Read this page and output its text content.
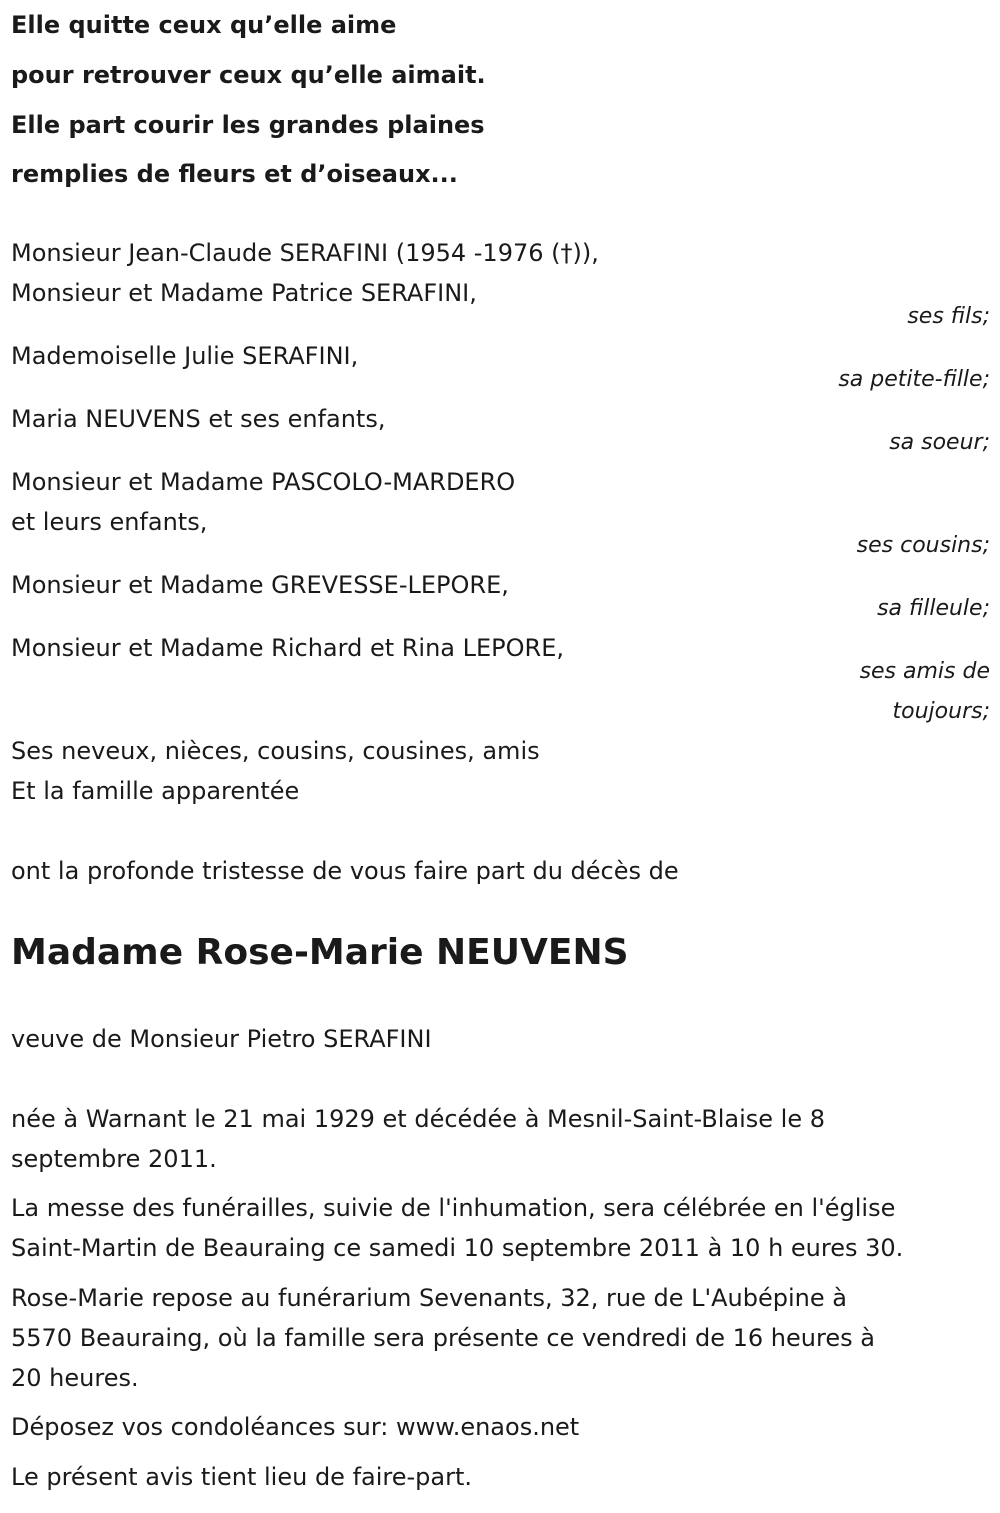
Elle quitte ceux qu’elle aime
pour retrouver ceux qu’elle aimait.
Elle part courir les grandes plaines
remplies de fleurs et d’oiseaux...
Monsieur Jean-Claude SERAFINI (1954 -1976 (†)),
Monsieur et Madame Patrice SERAFINI,
ses fils;
Mademoiselle Julie SERAFINI,
sa petite-fille;
Maria NEUVENS et ses enfants,
sa soeur;
Monsieur et Madame PASCOLO-MARDERO
et leurs enfants,
ses cousins;
Monsieur et Madame GREVESSE-LEPORE,
sa filleule;
Monsieur et Madame Richard et Rina LEPORE,
ses amis de
toujours;
Ses neveux, nièces, cousins, cousines, amis
Et la famille apparentée
ont la profonde tristesse de vous faire part du décès de
Madame Rose-Marie NEUVENS
veuve de Monsieur Pietro SERAFINI
née à Warnant le 21 mai 1929 et décédée à Mesnil-Saint-Blaise le 8
septembre 2011.
La messe des funérailles, suivie de l'inhumation, sera célébrée en l'église
Saint-Martin de Beauraing ce samedi 10 septembre 2011 à 10 h eures 30.
Rose-Marie repose au funérarium Sevenants, 32, rue de L'Aubépine à
5570 Beauraing, où la famille sera présente ce vendredi de 16 heures à
20 heures.
Déposez vos condoléances sur: www.enaos.net
Le présent avis tient lieu de faire-part.
